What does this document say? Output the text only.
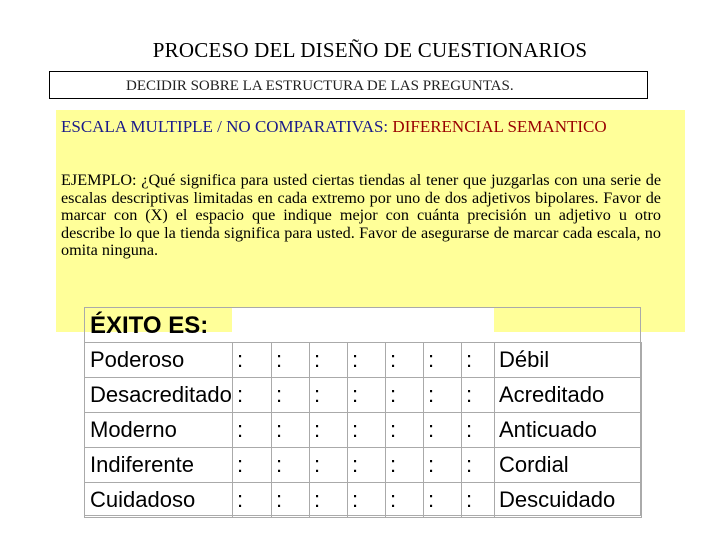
PROCESO DEL DISEÑO DE CUESTIONARIOS
DECIDIR SOBRE LA ESTRUCTURA DE LAS PREGUNTAS.
ESCALA MULTIPLE / NO COMPARATIVAS: DIFERENCIAL SEMANTICO
EJEMPLO: ¿Qué significa para usted ciertas tiendas al tener que juzgarlas con una serie de escalas descriptivas limitadas en cada extremo por uno de dos adjetivos bipolares. Favor de marcar con (X) el espacio que indique mejor con cuánta precisión un adjetivo u otro describe lo que la tienda significa para usted. Favor de asegurarse de marcar cada escala, no omita ninguna.
ÉXITO ES:
Poderoso	:	:	:	:	:	:	:	Débil
Desacreditado	:	:	:	:	:	:	:	Acreditado
Moderno	:	:	:	:	:	:	:	Anticuado
Indiferente	:	:	:	:	:	:	:	Cordial
Cuidadoso	:	:	:	:	:	:	:	Descuidado
